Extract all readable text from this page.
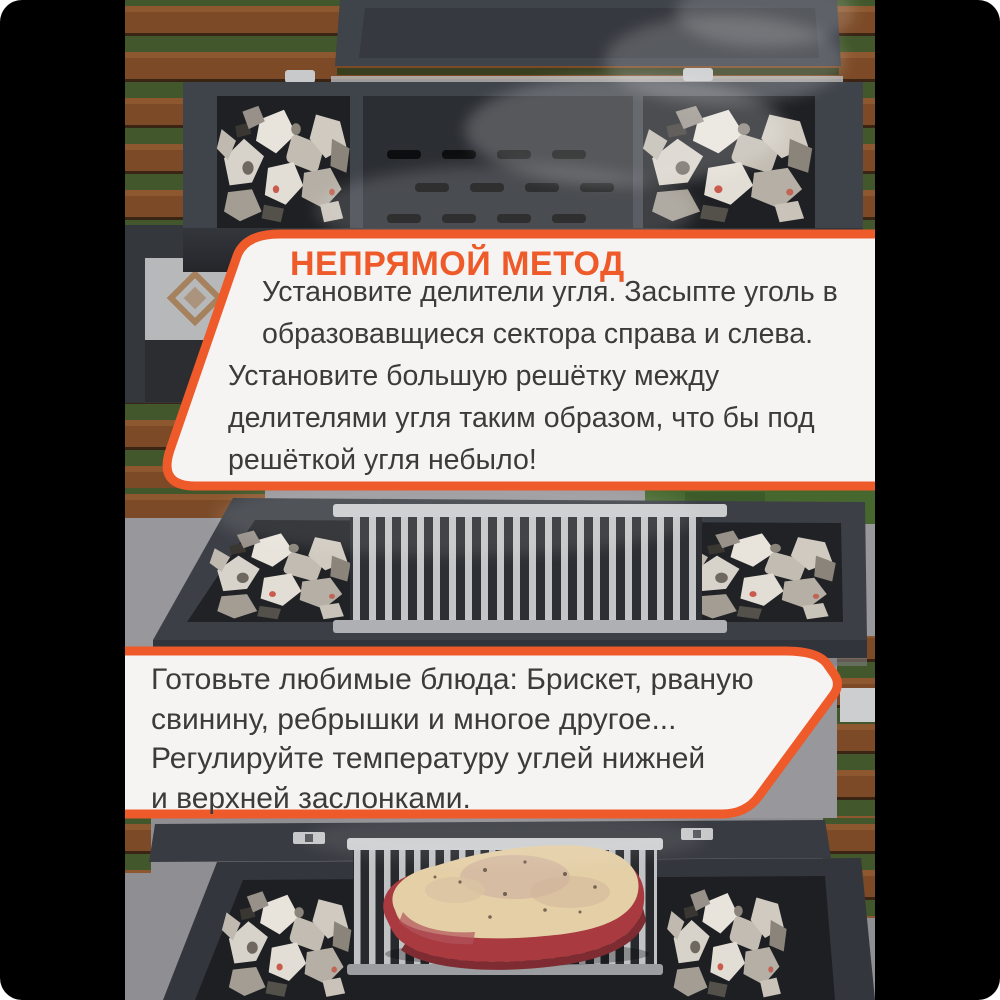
НЕПРЯМОЙ МЕТОД
Установите делители угля. Засыпте уголь в
образовавщиеся сектора справа и слева.
Установите большую решётку между
делителями угля таким образом, что бы под
решёткой угля небыло!
Готовьте любимые блюда: Брискет, рваную
свинину, ребрышки и многое другое...
Регулируйте температуру углей нижней
и верхней заслонками.
